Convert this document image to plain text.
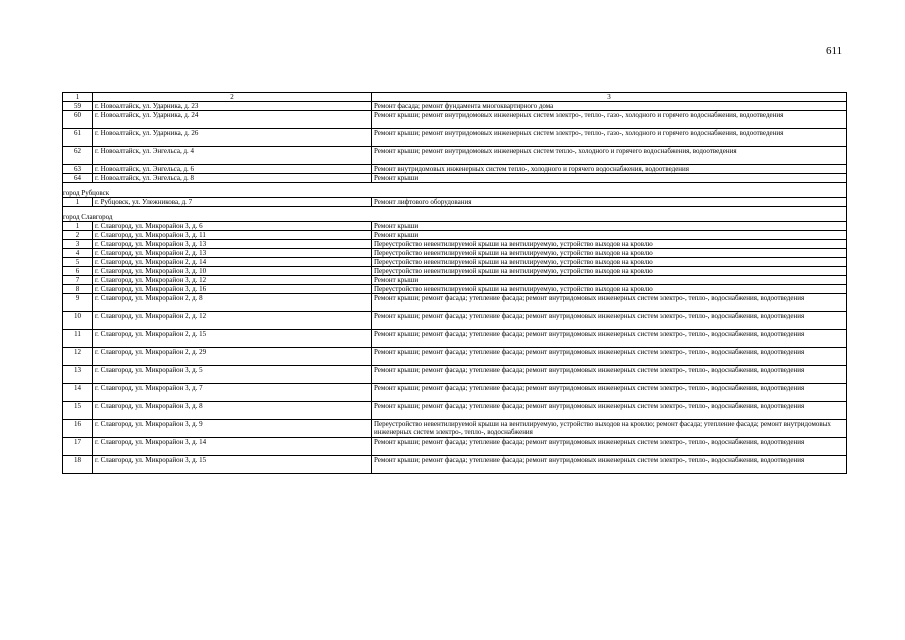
611
1	2	3
59	г. Новоалтайск, ул. Ударника, д. 23	Ремонт фасада; ремонт фундамента многоквартирного дома
60	г. Новоалтайск, ул. Ударника, д. 24	Ремонт крыши; ремонт внутридомовых инженерных систем электро-, тепло-, газо-, холодного и горячего водоснабжения, водоотведения
61	г. Новоалтайск, ул. Ударника, д. 26	Ремонт крыши; ремонт внутридомовых инженерных систем электро-, тепло-, газо-, холодного и горячего водоснабжения, водоотведения
62	г. Новоалтайск, ул. Энгельса, д. 4	Ремонт крыши; ремонт внутридомовых инженерных систем тепло-, холодного и горячего водоснабжения, водоотведения
63	г. Новоалтайск, ул. Энгельса, д. 6	Ремонт внутридомовых инженерных систем тепло-, холодного и горячего водоснабжения, водоотведения
64	г. Новоалтайск, ул. Энгельса, д. 8	Ремонт крыши
город Рубцовск		
1	г. Рубцовск, ул. Улежникова, д. 7	Ремонт лифтового оборудования
город Славгород		
1	г. Славгород, ул. Микрорайон 3, д. 6	Ремонт крыши
2	г. Славгород, ул. Микрорайон 3, д. 11	Ремонт крыши
3	г. Славгород, ул. Микрорайон 3, д. 13	Переустройство невентилируемой крыши на вентилируемую, устройство выходов на кровлю
4	г. Славгород, ул. Микрорайон 2, д. 13	Переустройство невентилируемой крыши на вентилируемую, устройство выходов на кровлю
5	г. Славгород, ул. Микрорайон 2, д. 14	Переустройство невентилируемой крыши на вентилируемую, устройство выходов на кровлю
6	г. Славгород, ул. Микрорайон 3, д. 10	Переустройство невентилируемой крыши на вентилируемую, устройство выходов на кровлю
7	г. Славгород, ул. Микрорайон 3, д. 12	Ремонт крыши
8	г. Славгород, ул. Микрорайон 3, д. 16	Переустройство невентилируемой крыши на вентилируемую, устройство выходов на кровлю
9	г. Славгород, ул. Микрорайон 2, д. 8	Ремонт крыши; ремонт фасада; утепление фасада; ремонт внутридомовых инженерных систем электро-, тепло-, водоснабжения, водоотведения
10	г. Славгород, ул. Микрорайон 2, д. 12	Ремонт крыши; ремонт фасада; утепление фасада; ремонт внутридомовых инженерных систем электро-, тепло-, водоснабжения, водоотведения
11	г. Славгород, ул. Микрорайон 2, д. 15	Ремонт крыши; ремонт фасада; утепление фасада; ремонт внутридомовых инженерных систем электро-, тепло-, водоснабжения, водоотведения
12	г. Славгород, ул. Микрорайон 2, д. 29	Ремонт крыши; ремонт фасада; утепление фасада; ремонт внутридомовых инженерных систем электро-, тепло-, водоснабжения, водоотведения
13	г. Славгород, ул. Микрорайон 3, д. 5	Ремонт крыши; ремонт фасада; утепление фасада; ремонт внутридомовых инженерных систем электро-, тепло-, водоснабжения, водоотведения
14	г. Славгород, ул. Микрорайон 3, д. 7	Ремонт крыши; ремонт фасада; утепление фасада; ремонт внутридомовых инженерных систем электро-, тепло-, водоснабжения, водоотведения
15	г. Славгород, ул. Микрорайон 3, д. 8	Ремонт крыши; ремонт фасада; утепление фасада; ремонт внутридомовых инженерных систем электро-, тепло-, водоснабжения, водоотведения
16	г. Славгород, ул. Микрорайон 3, д. 9	Переустройство невентилируемой крыши на вентилируемую, устройство выходов на кровлю; ремонт фасада; утепление фасада; ремонт внутридомовых инженерных систем электро-, тепло-, водоснабжения
17	г. Славгород, ул. Микрорайон 3, д. 14	Ремонт крыши; ремонт фасада; утепление фасада; ремонт внутридомовых инженерных систем электро-, тепло-, водоснабжения, водоотведения
18	г. Славгород, ул. Микрорайон 3, д. 15	Ремонт крыши; ремонт фасада; утепление фасада; ремонт внутридомовых инженерных систем электро-, тепло-, водоснабжения, водоотведения
